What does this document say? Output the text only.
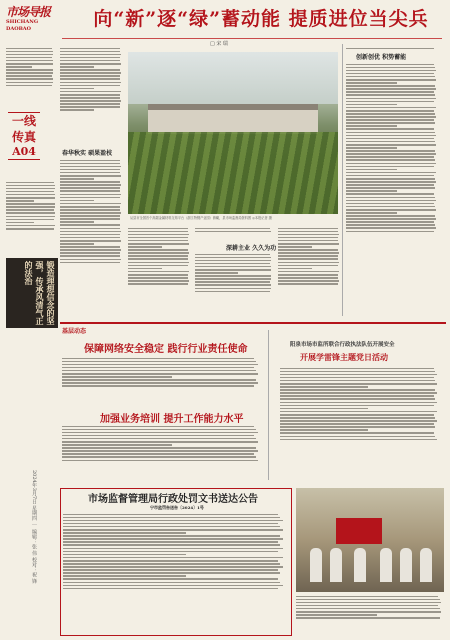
市场导报
SHICHANG DAOBAO	向“新”逐“绿”蓄动能 提质进位当尖兵
□ 宋 瑞
一线传真
A04
锻造理想信念的坚强，传承风清气正的法治
春华秋实 硕果盈枝
从县市全国首个高端金属材料交易平台（浙江特钢产业园）俯瞰，县市场监督局资料图 ◎本报记者 摄
深耕主业 久久为功
创新创优 积势蓄能
基层动态
保障网络安全稳定 践行行业责任使命
加强业务培训 提升工作能力水平
阳泉市场市监所联合行政执法队伍开展安全
开展学雷锋主题党日活动
市场监督管理局行政处罚文书送达公告
宁市监罚告送告〔2024〕1号
2024年3月7日 星期四 ｜ 编辑：张 伟 校对：祝 锋
